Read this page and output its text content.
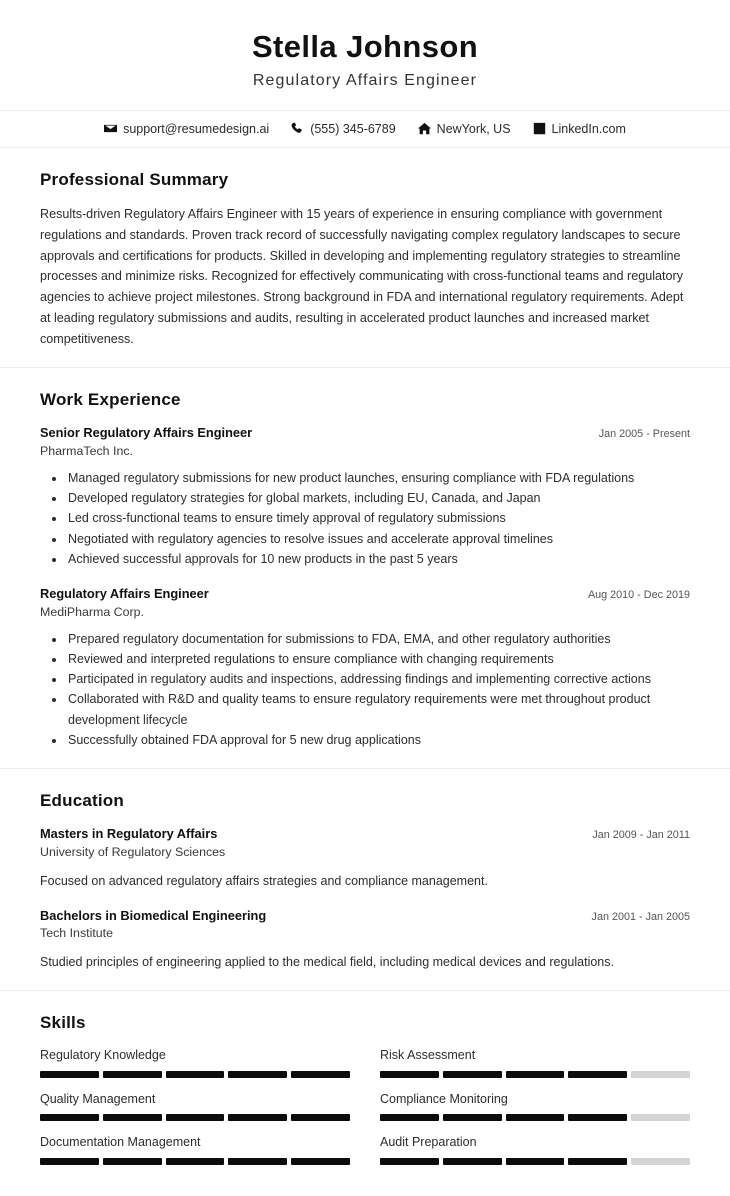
Stella Johnson
Regulatory Affairs Engineer
support@resumedesign.ai	(555) 345-6789	NewYork, US	LinkedIn.com
Professional Summary

Results-driven Regulatory Affairs Engineer with 15 years of experience in ensuring compliance with government regulations and standards. Proven track record of successfully navigating complex regulatory landscapes to secure approvals and certifications for products. Skilled in developing and implementing regulatory strategies to streamline processes and minimize risks. Recognized for effectively communicating with cross-functional teams and regulatory agencies to achieve project milestones. Strong background in FDA and international regulatory requirements. Adept at leading regulatory submissions and audits, resulting in accelerated product launches and increased market competitiveness.

Work Experience
Senior Regulatory Affairs Engineer	Jan 2005 - Present
PharmaTech Inc.
• Managed regulatory submissions for new product launches, ensuring compliance with FDA regulations
• Developed regulatory strategies for global markets, including EU, Canada, and Japan
• Led cross-functional teams to ensure timely approval of regulatory submissions
• Negotiated with regulatory agencies to resolve issues and accelerate approval timelines
• Achieved successful approvals for 10 new products in the past 5 years
Regulatory Affairs Engineer	Aug 2010 - Dec 2019
MediPharma Corp.
• Prepared regulatory documentation for submissions to FDA, EMA, and other regulatory authorities
• Reviewed and interpreted regulations to ensure compliance with changing requirements
• Participated in regulatory audits and inspections, addressing findings and implementing corrective actions
• Collaborated with R&D and quality teams to ensure regulatory requirements were met throughout product development lifecycle
• Successfully obtained FDA approval for 5 new drug applications
Education
Masters in Regulatory Affairs	Jan 2009 - Jan 2011
University of Regulatory Sciences
Focused on advanced regulatory affairs strategies and compliance management.
Bachelors in Biomedical Engineering	Jan 2001 - Jan 2005
Tech Institute
Studied principles of engineering applied to the medical field, including medical devices and regulations.
Skills
Regulatory Knowledge	Risk Assessment
Quality Management	Compliance Monitoring
Documentation Management	Audit Preparation
